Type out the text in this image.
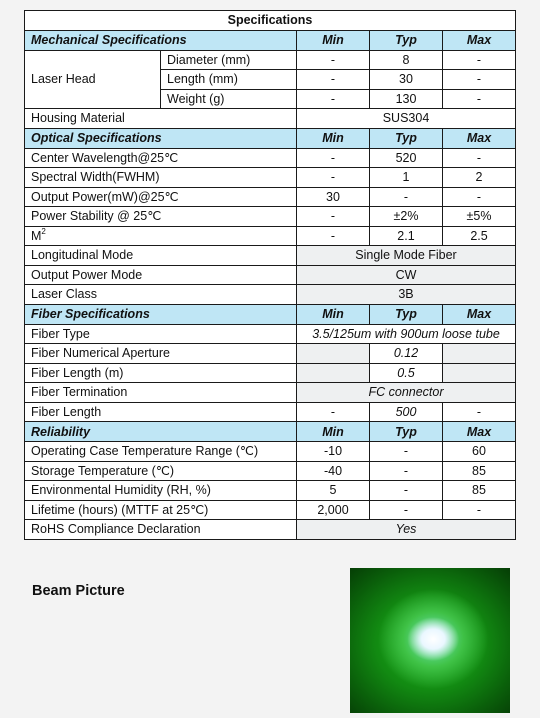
Specifications				
Mechanical Specifications		Min	Typ	Max
Laser Head	Diameter (mm)	-	8	-
	Length (mm)	-	30	-
	Weight (g)	-	130	-
Housing Material		SUS304		
Optical Specifications		Min	Typ	Max
Center Wavelength@25℃		-	520	-
Spectral Width(FWHM)		-	1	2
Output Power(mW)@25℃		30	-	-
Power Stability @ 25℃		-	±2%	±5%
$M^2$		-	2.1	2.5
Longitudinal Mode		Single Mode Fiber		
Output Power Mode		CW		
Laser Class		3B		
Fiber Specifications		Min	Typ	Max
Fiber Type		3.5/125um with 900um loose tube		
Fiber Numerical Aperture			0.12	
Fiber Length (m)			0.5	
Fiber Termination		FC connector		
Fiber Length		-	500	-
Reliability		Min	Typ	Max
Operating Case Temperature Range (℃)		-10	-	60
Storage Temperature (℃)		-40	-	85
Environmental Humidity (RH, %)		5	-	85
Lifetime (hours) (MTTF at 25℃)		2,000	-	-
RoHS Compliance Declaration		Yes		
Beam Picture
